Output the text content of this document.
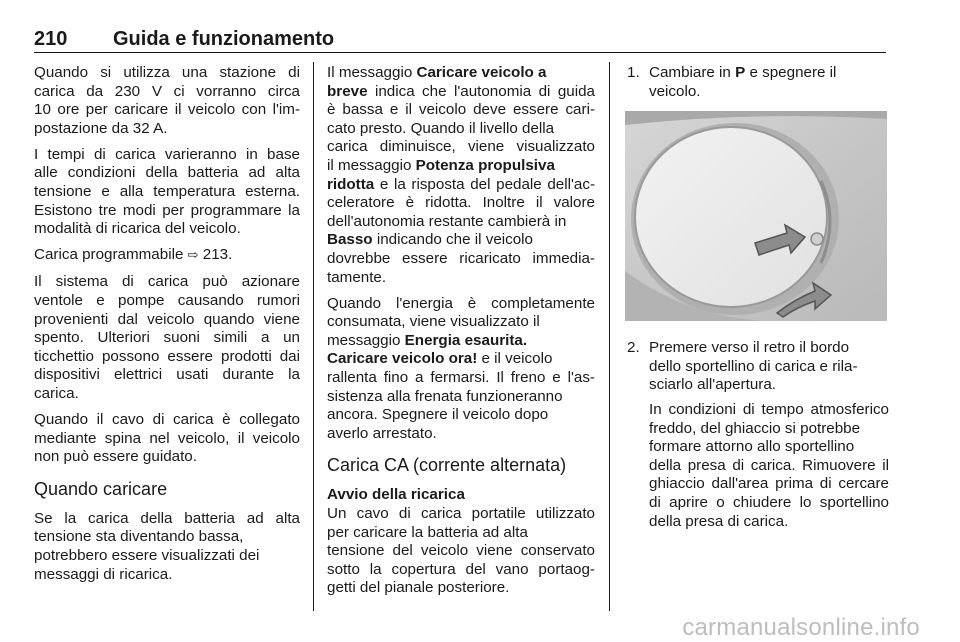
210 Guida e funzionamento

Quando si utilizza una stazione di
carica da 230 V ci vorranno circa
10 ore per caricare il veicolo con l'im-
postazione da 32 A.

I tempi di carica varieranno in base
alle condizioni della batteria ad alta
tensione e alla temperatura esterna.
Esistono tre modi per programmare la
modalità di ricarica del veicolo.

Carica programmabile ⇨ 213.

Il sistema di carica può azionare
ventole e pompe causando rumori
provenienti dal veicolo quando viene
spento. Ulteriori suoni simili a un
ticchettio possono essere prodotti dai
dispositivi elettrici usati durante la
carica.

Quando il cavo di carica è collegato
mediante spina nel veicolo, il veicolo
non può essere guidato.

Quando caricare

Se la carica della batteria ad alta
tensione sta diventando bassa,
potrebbero essere visualizzati dei
messaggi di ricarica.

Il messaggio Caricare veicolo a
breve indica che l'autonomia di guida
è bassa e il veicolo deve essere cari-
cato presto. Quando il livello della
carica diminuisce, viene visualizzato
il messaggio Potenza propulsiva
ridotta e la risposta del pedale dell'ac-
celeratore è ridotta. Inoltre il valore
dell'autonomia restante cambierà in
Basso indicando che il veicolo
dovrebbe essere ricaricato immedia-
tamente.

Quando l'energia è completamente
consumata, viene visualizzato il
messaggio Energia esaurita.
Caricare veicolo ora! e il veicolo
rallenta fino a fermarsi. Il freno e l'as-
sistenza alla frenata funzioneranno
ancora. Spegnere il veicolo dopo
averlo arrestato.

Carica CA (corrente alternata)
Avvio della ricarica

Un cavo di carica portatile utilizzato
per caricare la batteria ad alta
tensione del veicolo viene conservato
sotto la copertura del vano portaog-
getti del pianale posteriore.

1. Cambiare in P e spegnere il
veicolo.
2. Premere verso il retro il bordo
dello sportellino di carica e rila-
sciarlo all'apertura.
In condizioni di tempo atmosferico
freddo, del ghiaccio si potrebbe
formare attorno allo sportellino
della presa di carica. Rimuovere il
ghiaccio dall'area prima di cercare
di aprire o chiudere lo sportellino
della presa di carica.
carmanualsonline.info
